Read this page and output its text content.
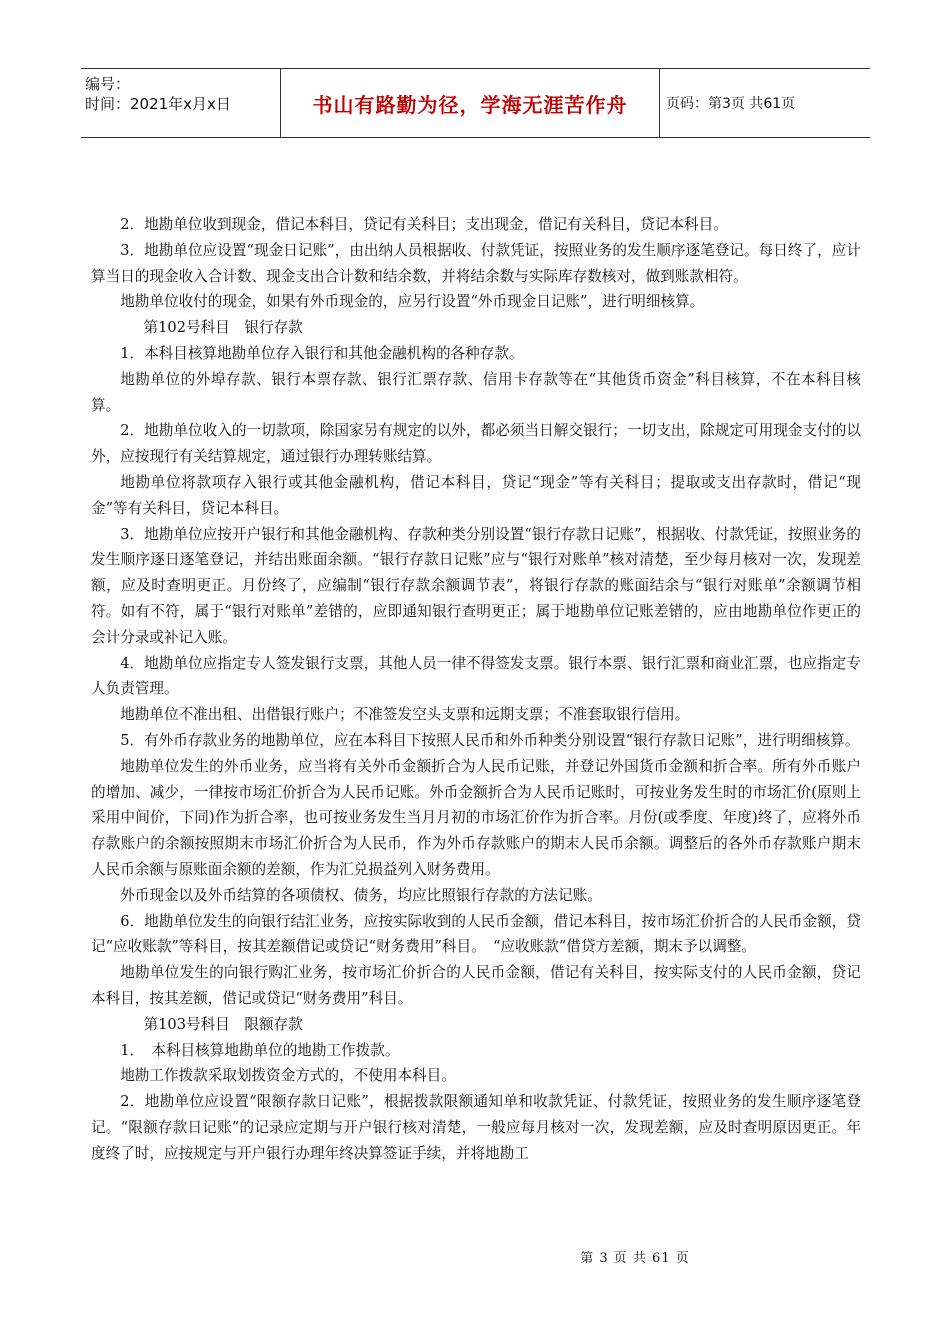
编号：
时间：2021年x月x日	书山有路勤为径，学海无涯苦作舟	页码：第3页 共61页

2．地勘单位收到现金，借记本科目，贷记有关科目；支出现金，借记有关科目，贷记本科目。

3．地勘单位应设置“现金日记账”，由出纳人员根据收、付款凭证，按照业务的发生顺序逐笔登记。每日终了，应计算当日的现金收入合计数、现金支出合计数和结余数，并将结余数与实际库存数核对，做到账款相符。

地勘单位收付的现金，如果有外币现金的，应另行设置“外币现金日记账”，进行明细核算。

第102号科目　银行存款

1．本科目核算地勘单位存入银行和其他金融机构的各种存款。

地勘单位的外埠存款、银行本票存款、银行汇票存款、信用卡存款等在“其他货币资金”科目核算，不在本科目核算。

2．地勘单位收入的一切款项，除国家另有规定的以外，都必须当日解交银行；一切支出，除规定可用现金支付的以外，应按现行有关结算规定，通过银行办理转账结算。

地勘单位将款项存入银行或其他金融机构，借记本科目，贷记“现金”等有关科目；提取或支出存款时，借记“现金”等有关科目，贷记本科目。

3．地勘单位应按开户银行和其他金融机构、存款种类分别设置“银行存款日记账”，根据收、付款凭证，按照业务的发生顺序逐日逐笔登记，并结出账面余额。“银行存款日记账”应与“银行对账单”核对清楚，至少每月核对一次，发现差额，应及时查明更正。月份终了，应编制“银行存款余额调节表”，将银行存款的账面结余与“银行对账单”余额调节相符。如有不符，属于“银行对账单”差错的，应即通知银行查明更正；属于地勘单位记账差错的，应由地勘单位作更正的会计分录或补记入账。

4．地勘单位应指定专人签发银行支票，其他人员一律不得签发支票。银行本票、银行汇票和商业汇票，也应指定专人负责管理。

地勘单位不准出租、出借银行账户；不准签发空头支票和远期支票；不准套取银行信用。

5．有外币存款业务的地勘单位，应在本科目下按照人民币和外币种类分别设置“银行存款日记账”，进行明细核算。

地勘单位发生的外币业务，应当将有关外币金额折合为人民币记账，并登记外国货币金额和折合率。所有外币账户的增加、减少，一律按市场汇价折合为人民币记账。外币金额折合为人民币记账时，可按业务发生时的市场汇价(原则上采用中间价，下同)作为折合率，也可按业务发生当月月初的市场汇价作为折合率。月份(或季度、年度)终了，应将外币存款账户的余额按照期末市场汇价折合为人民币，作为外币存款账户的期末人民币余额。调整后的各外币存款账户期末人民币余额与原账面余额的差额，作为汇兑损益列入财务费用。

外币现金以及外币结算的各项债权、债务，均应比照银行存款的方法记账。

6．地勘单位发生的向银行结汇业务，应按实际收到的人民币金额，借记本科目，按市场汇价折合的人民币金额，贷记“应收账款”等科目，按其差额借记或贷记“财务费用”科目。　“应收账款”借贷方差额，期末予以调整。

地勘单位发生的向银行购汇业务，按市场汇价折合的人民币金额，借记有关科目，按实际支付的人民币金额，贷记本科目，按其差额，借记或贷记“财务费用”科目。

第103号科目　限额存款

1．　本科目核算地勘单位的地勘工作拨款。

地勘工作拨款采取划拨资金方式的，不使用本科目。

2．地勘单位应设置“限额存款日记账”，根据拨款限额通知单和收款凭证、付款凭证，按照业务的发生顺序逐笔登记。“限额存款日记账”的记录应定期与开户银行核对清楚，一般应每月核对一次，发现差额，应及时查明原因更正。年度终了时，应按规定与开户银行办理年终决算签证手续，并将地勘工

第 3 页 共 61 页
